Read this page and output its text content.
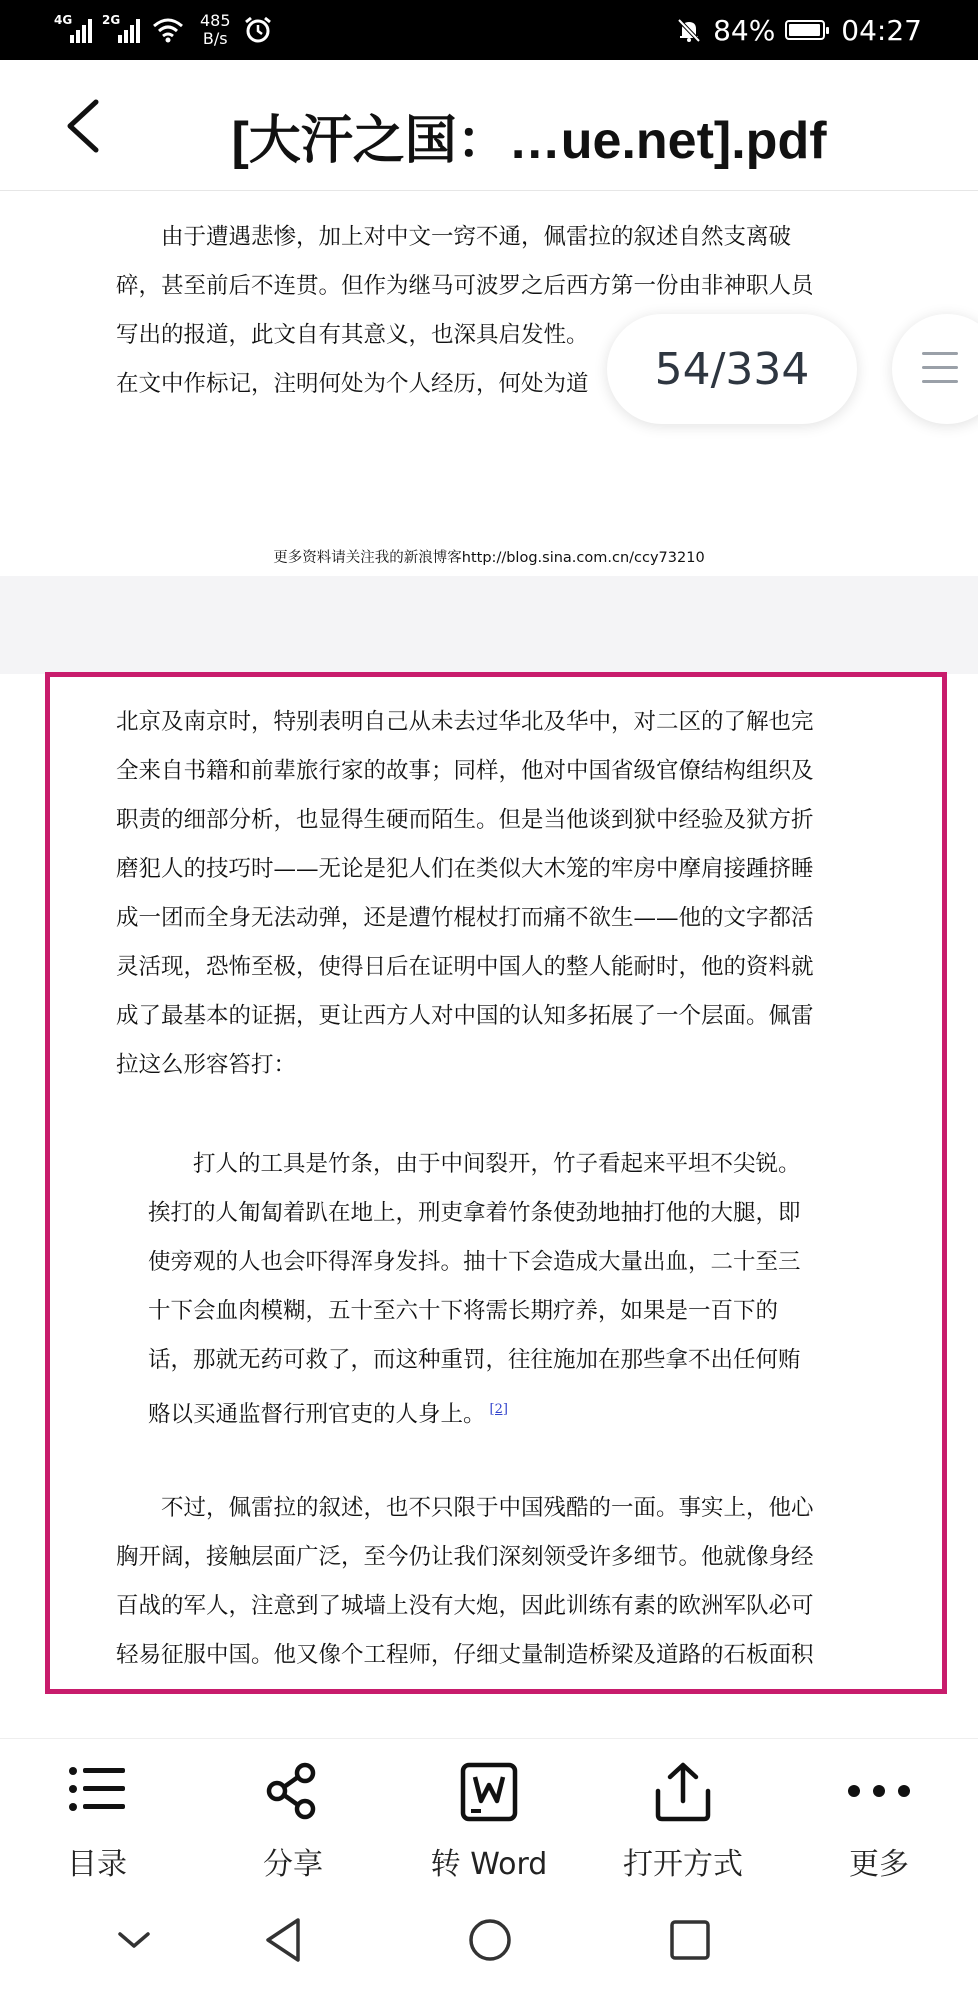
4G 2G	485
B/s	84% 04:27
[大汗之国：…ue.net].pdf
由于遭遇悲惨，加上对中文一窍不通，佩雷拉的叙述自然支离破
碎，甚至前后不连贯。但作为继马可波罗之后西方第一份由非神职人员
写出的报道，此文自有其意义，也深具启发性。
在文中作标记，注明何处为个人经历，何处为道
更多资料请关注我的新浪博客http://blog.sina.com.cn/ccy73210
北京及南京时，特别表明自己从未去过华北及华中，对二区的了解也完
全来自书籍和前辈旅行家的故事；同样，他对中国省级官僚结构组织及
职责的细部分析，也显得生硬而陌生。但是当他谈到狱中经验及狱方折
磨犯人的技巧时——无论是犯人们在类似大木笼的牢房中摩肩接踵挤睡
成一团而全身无法动弹，还是遭竹棍杖打而痛不欲生——他的文字都活
灵活现，恐怖至极，使得日后在证明中国人的整人能耐时，他的资料就
成了最基本的证据，更让西方人对中国的认知多拓展了一个层面。佩雷
拉这么形容笞打：
打人的工具是竹条，由于中间裂开，竹子看起来平坦不尖锐。
挨打的人匍匐着趴在地上，刑吏拿着竹条使劲地抽打他的大腿，即
使旁观的人也会吓得浑身发抖。抽十下会造成大量出血，二十至三
十下会血肉模糊，五十至六十下将需长期疗养，如果是一百下的
话，那就无药可救了，而这种重罚，往往施加在那些拿不出任何贿
赂以买通监督行刑官吏的人身上。 [2]
不过，佩雷拉的叙述，也不只限于中国残酷的一面。事实上，他心
胸开阔，接触层面广泛，至今仍让我们深刻领受许多细节。他就像身经
百战的军人，注意到了城墙上没有大炮，因此训练有素的欧洲军队必可
轻易征服中国。他又像个工程师，仔细丈量制造桥梁及道路的石板面积
54/334
目录	分享	转 Word	打开方式	更多
